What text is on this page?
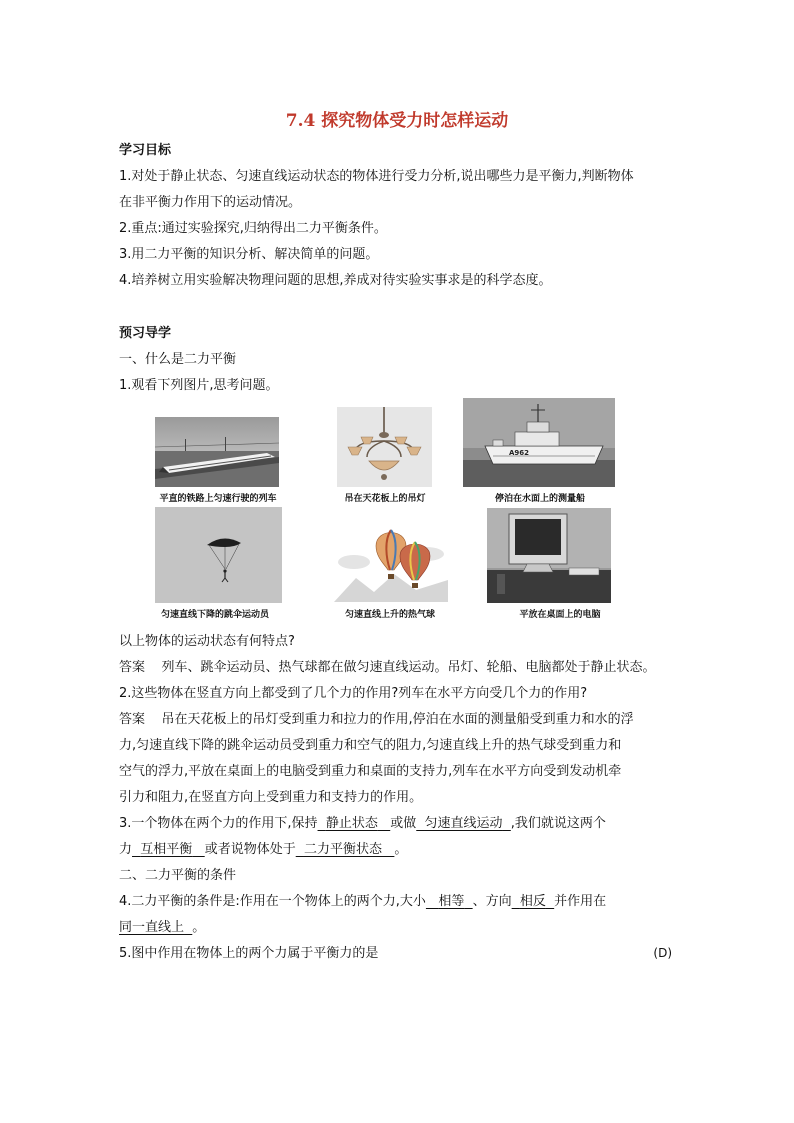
7.4 探究物体受力时怎样运动
学习目标
1.对处于静止状态、匀速直线运动状态的物体进行受力分析,说出哪些力是平衡力,判断物体
在非平衡力作用下的运动情况。
2.重点:通过实验探究,归纳得出二力平衡条件。
3.用二力平衡的知识分析、解决简单的问题。
4.培养树立用实验解决物理问题的思想,养成对待实验实事求是的科学态度。
预习导学
一、什么是二力平衡
1.观看下列图片,思考问题。
平直的铁路上匀速行驶的列车	吊在天花板上的吊灯
A962
停泊在水面上的测量船
匀速直线下降的跳伞运动员	匀速直线上升的热气球	平放在桌面上的电脑
以上物体的运动状态有何特点?
答案 列车、跳伞运动员、热气球都在做匀速直线运动。吊灯、轮船、电脑都处于静止状态。
2.这些物体在竖直方向上都受到了几个力的作用?列车在水平方向受几个力的作用?
答案 吊在天花板上的吊灯受到重力和拉力的作用,停泊在水面的测量船受到重力和水的浮
力,匀速直线下降的跳伞运动员受到重力和空气的阻力,匀速直线上升的热气球受到重力和
空气的浮力,平放在桌面上的电脑受到重力和桌面的支持力,列车在水平方向受到发动机牵
引力和阻力,在竖直方向上受到重力和支持力的作用。
3.一个物体在两个力的作用下,保持 静止状态 或做 匀速直线运动 ,我们就说这两个
力 互相平衡 或者说物体处于 二力平衡状态 。
二、二力平衡的条件
4.二力平衡的条件是:作用在一个物体上的两个力,大小 相等 、方向 相反 并作用在
同一直线上 。
5.图中作用在物体上的两个力属于平衡力的是	(D)
